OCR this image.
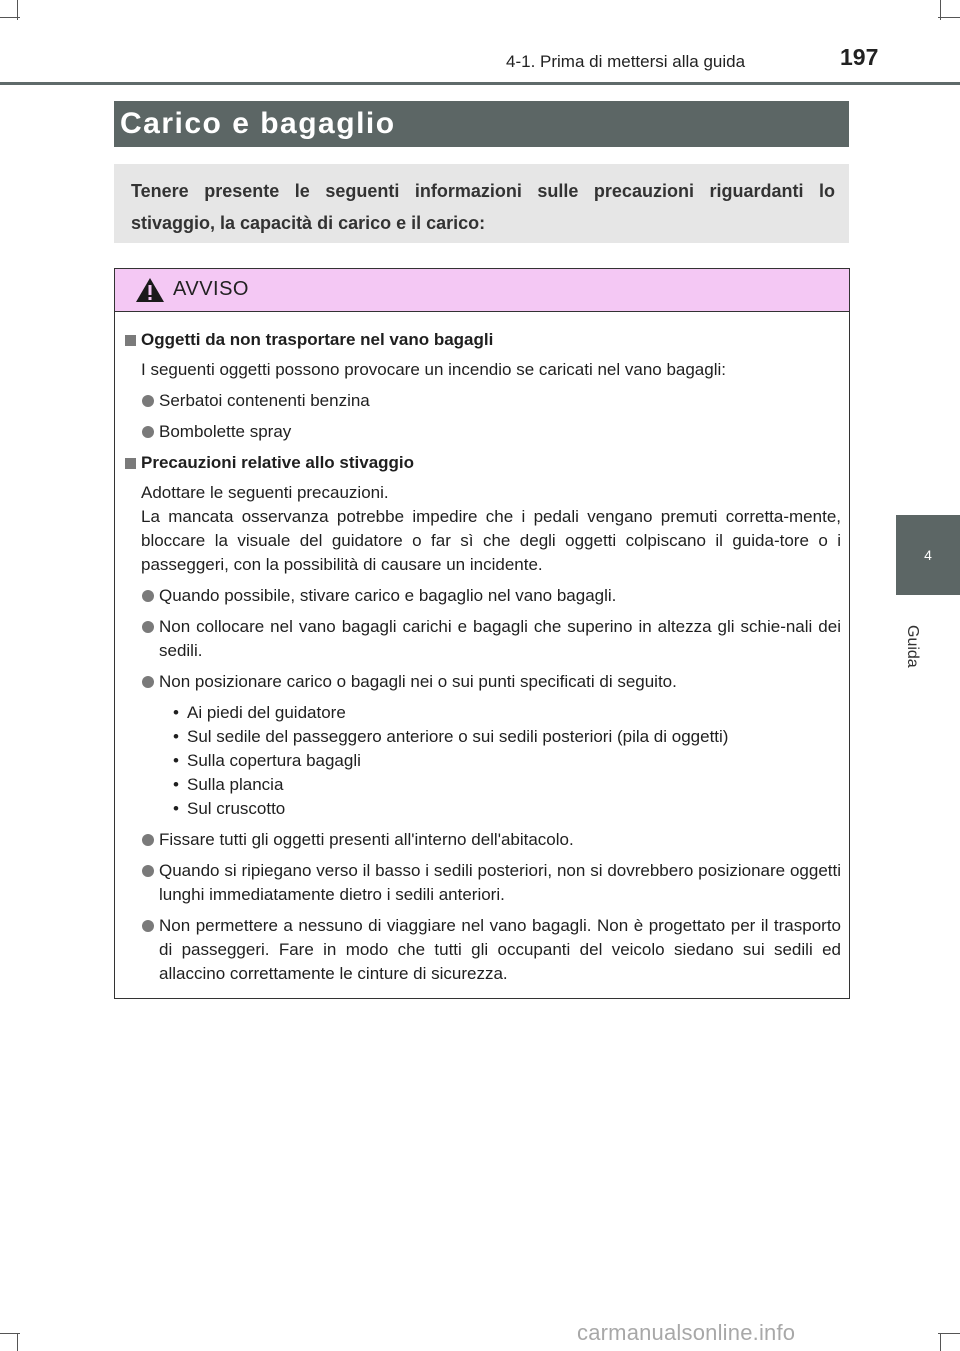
4-1. Prima di mettersi alla guida	197
Carico e bagaglio
Tenere presente le seguenti informazioni sulle precauzioni riguardanti lo stivaggio, la capacità di carico e il carico:
AVVISO
Oggetti da non trasportare nel vano bagagli
I seguenti oggetti possono provocare un incendio se caricati nel vano bagagli:
Serbatoi contenenti benzina
Bombolette spray
Precauzioni relative allo stivaggio
Adottare le seguenti precauzioni.
La mancata osservanza potrebbe impedire che i pedali vengano premuti corretta-mente, bloccare la visuale del guidatore o far sì che degli oggetti colpiscano il guida-tore o i passeggeri, con la possibilità di causare un incidente.
Quando possibile, stivare carico e bagaglio nel vano bagagli.
Non collocare nel vano bagagli carichi e bagagli che superino in altezza gli schie-nali dei sedili.
Non posizionare carico o bagagli nei o sui punti specificati di seguito.
• Ai piedi del guidatore
• Sul sedile del passeggero anteriore o sui sedili posteriori (pila di oggetti)
• Sulla copertura bagagli
• Sulla plancia
• Sul cruscotto
Fissare tutti gli oggetti presenti all'interno dell'abitacolo.
Quando si ripiegano verso il basso i sedili posteriori, non si dovrebbero posizionare oggetti lunghi immediatamente dietro i sedili anteriori.
Non permettere a nessuno di viaggiare nel vano bagagli. Non è progettato per il trasporto di passeggeri. Fare in modo che tutti gli occupanti del veicolo siedano sui sedili ed allaccino correttamente le cinture di sicurezza.
4
Guida
carmanualsonline.info
